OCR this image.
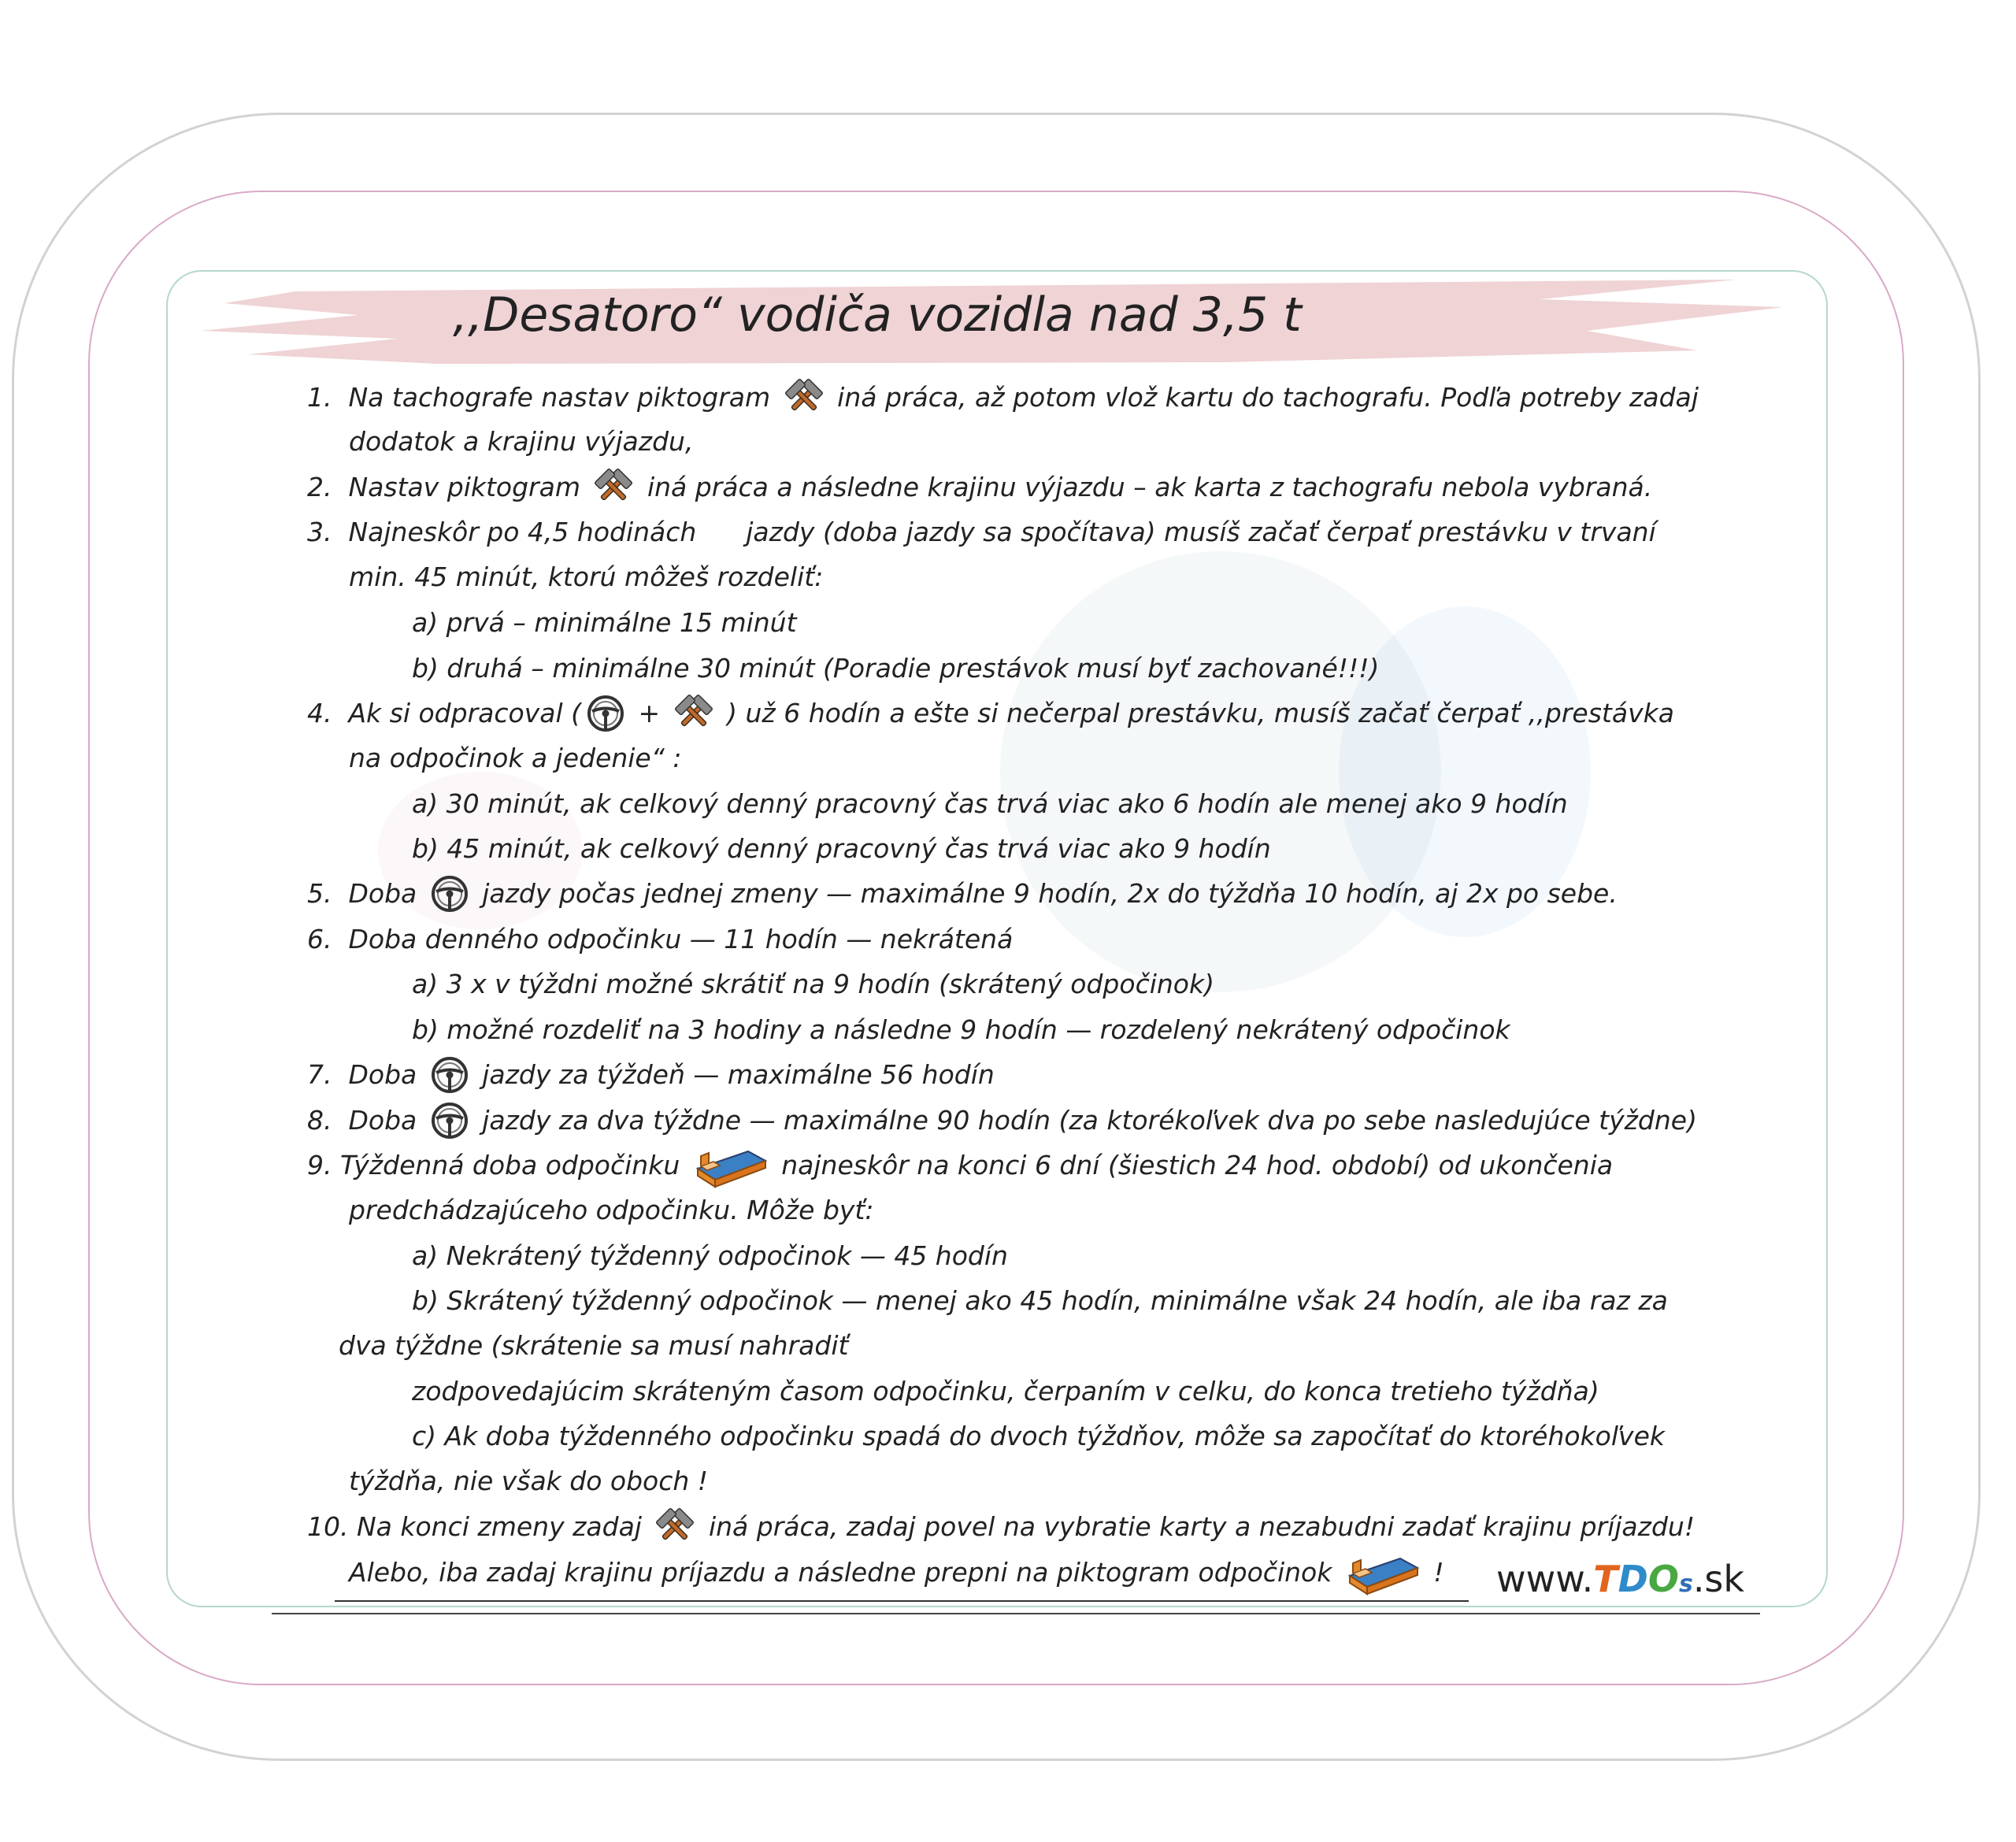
,,Desatoro“ vodiča vozidla nad 3,5 t
1.  Na tachografe nastav piktogram iná práca, až potom vlož kartu do tachografu. Podľa potreby zadaj
dodatok a krajinu výjazdu,
2.  Nastav piktogram iná práca a následne krajinu výjazdu – ak karta z tachografu nebola vybraná.
3.  Najneskôr po 4,5 hodinách      jazdy (doba jazdy sa spočítava) musíš začať čerpať prestávku v trvaní
min. 45 minút, ktorú môžeš rozdeliť:
a) prvá – minimálne 15 minút
b) druhá – minimálne 30 minút (Poradie prestávok musí byť zachované!!!)
4.  Ak si odpracoval ( + ) už 6 hodín a ešte si nečerpal prestávku, musíš začať čerpať ,,prestávka
na odpočinok a jedenie“ :
a) 30 minút, ak celkový denný pracovný čas trvá viac ako 6 hodín ale menej ako 9 hodín
b) 45 minút, ak celkový denný pracovný čas trvá viac ako 9 hodín
5.  Doba jazdy počas jednej zmeny — maximálne 9 hodín, 2x do týždňa 10 hodín, aj 2x po sebe.
6.  Doba denného odpočinku — 11 hodín — nekrátená
a) 3 x v týždni možné skrátiť na 9 hodín (skrátený odpočinok)
b) možné rozdeliť na 3 hodiny a následne 9 hodín — rozdelený nekrátený odpočinok
7.  Doba jazdy za týždeň — maximálne 56 hodín
8.  Doba jazdy za dva týždne — maximálne 90 hodín (za ktorékoľvek dva po sebe nasledujúce týždne)
9. Týždenná doba odpočinku	najneskôr na konci 6 dní (šiestich 24 hod. období) od ukončenia
predchádzajúceho odpočinku. Môže byť:
a) Nekrátený týždenný odpočinok — 45 hodín
b) Skrátený týždenný odpočinok — menej ako 45 hodín, minimálne však 24 hodín, ale iba raz za
dva týždne (skrátenie sa musí nahradiť
zodpovedajúcim skráteným časom odpočinku, čerpaním v celku, do konca tretieho týždňa)
c) Ak doba týždenného odpočinku spadá do dvoch týždňov, môže sa započítať do ktoréhokoľvek
týždňa, nie však do oboch !
10. Na konci zmeny zadaj iná práca, zadaj povel na vybratie karty a nezabudni zadať krajinu príjazdu!
Alebo, iba zadaj krajinu príjazdu a následne prepni na piktogram odpočinok	! www. T D O s .sk
